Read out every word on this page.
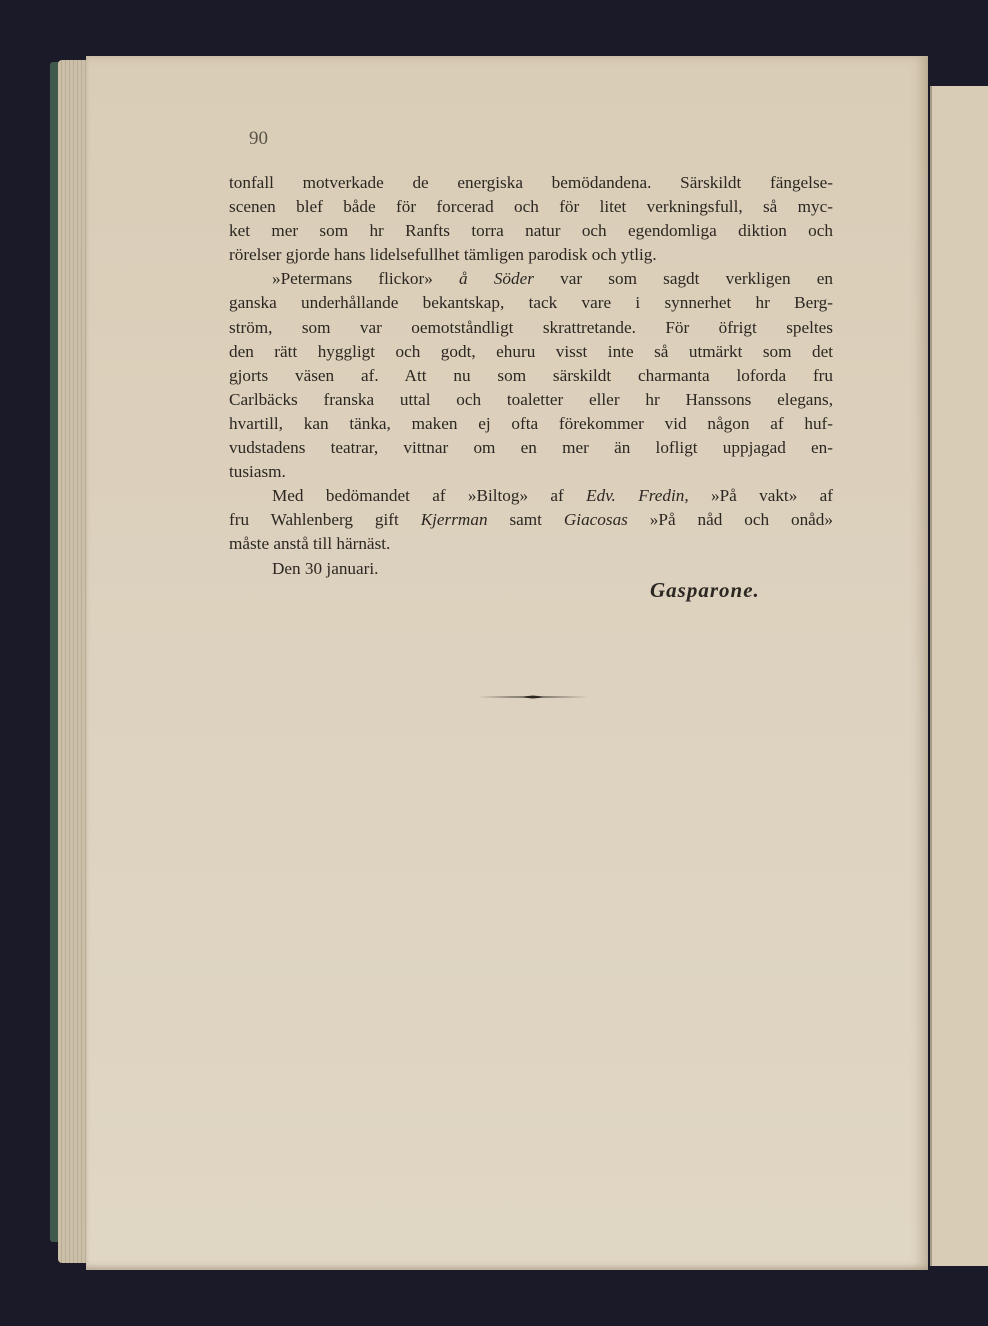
90
tonfall motverkade de energiska bemödandena. Särskildt fängelse-
scenen blef både för forcerad och för litet verkningsfull, så myc-
ket mer som hr Ranfts torra natur och egendomliga diktion och
rörelser gjorde hans lidelsefullhet tämligen parodisk och ytlig.
»Petermans flickor» å Söder var som sagdt verkligen en
ganska underhållande bekantskap, tack vare i synnerhet hr Berg-
ström, som var oemotståndligt skrattretande. För öfrigt speltes
den rätt hyggligt och godt, ehuru visst inte så utmärkt som det
gjorts väsen af. Att nu som särskildt charmanta loforda fru
Carlbäcks franska uttal och toaletter eller hr Hanssons elegans,
hvartill, kan tänka, maken ej ofta förekommer vid någon af huf-
vudstadens teatrar, vittnar om en mer än lofligt uppjagad en-
tusiasm.
Med bedömandet af »Biltog» af Edv. Fredin, »På vakt» af
fru Wahlenberg gift Kjerrman samt Giacosas »På nåd och onåd»
måste anstå till härnäst.
Den 30 januari.
Gasparone.
